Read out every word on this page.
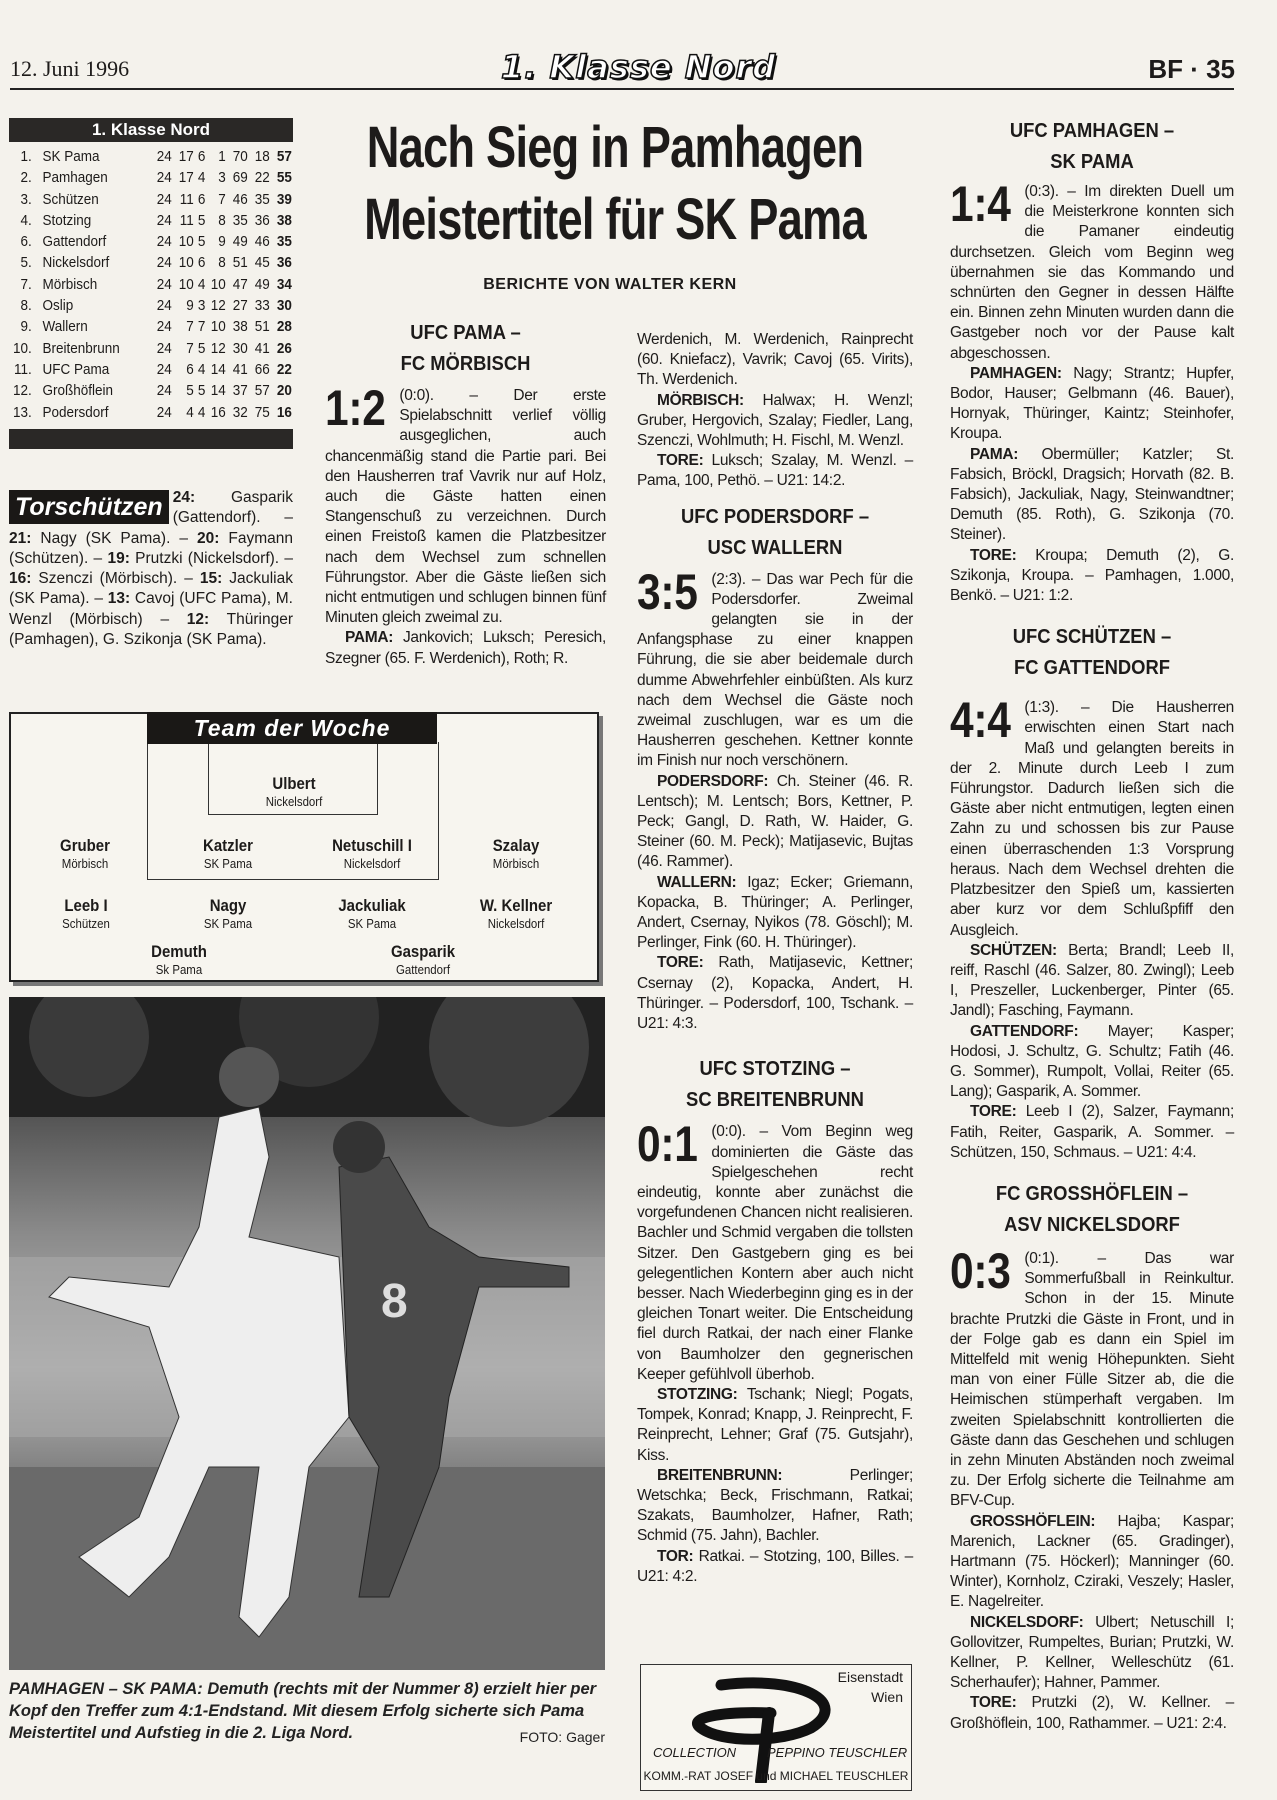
12. Juni 1996	1. Klasse Nord	BF · 35
1. Klasse Nord
1.	SK Pama	24	17	6	1	70	18	57
2.	Pamhagen	24	17	4	3	69	22	55
3.	Schützen	24	11	6	7	46	35	39
4.	Stotzing	24	11	5	8	35	36	38
6.	Gattendorf	24	10	5	9	49	46	35
5.	Nickelsdorf	24	10	6	8	51	45	36
7.	Mörbisch	24	10	4	10	47	49	34
8.	Oslip	24	9	3	12	27	33	30
9.	Wallern	24	7	7	10	38	51	28
10.	Breitenbrunn	24	7	5	12	30	41	26
11.	UFC Pama	24	6	4	14	41	66	22
12.	Großhöflein	24	5	5	14	37	57	20
13.	Podersdorf	24	4	4	16	32	75	16
Torschützen 24: Gasparik (Gattendorf). – 21: Nagy (SK Pama). – 20: Faymann (Schützen). – 19: Prutzki (Nickelsdorf). – 16: Szenczi (Mörbisch). – 15: Jackuliak (SK Pama). – 13: Cavoj (UFC Pama), M. Wenzl (Mörbisch) – 12: Thüringer (Pamhagen), G. Szikonja (SK Pama).
Team der Woche
Ulbert
Nickelsdorf
Gruber
Mörbisch
Katzler
SK Pama
Netuschill I
Nickelsdorf
Szalay
Mörbisch
Leeb I
Schützen
Nagy
SK Pama
Jackuliak
SK Pama
W. Kellner
Nickelsdorf
Demuth
Sk Pama
Gasparik
Gattendorf
8
PAMHAGEN – SK PAMA: Demuth (rechts mit der Nummer 8) erzielt hier per Kopf den Treffer zum 4:1-Endstand. Mit diesem Erfolg sicherte sich Pama Meistertitel und Aufstieg in die 2. Liga Nord.	FOTO: Gager
Nach Sieg in Pamhagen
Meistertitel für SK Pama
BERICHTE VON WALTER KERN
UFC PAMA –
FC MÖRBISCH

1:2 (0:0). – Der erste Spielabschnitt verlief völlig ausgeglichen, auch chancenmäßig stand die Partie pari. Bei den Hausherren traf Vavrik nur auf Holz, auch die Gäste hatten einen Stangenschuß zu verzeichnen. Durch einen Freistoß kamen die Platzbesitzer nach dem Wechsel zum schnellen Führungstor. Aber die Gäste ließen sich nicht entmutigen und schlugen binnen fünf Minuten gleich zweimal zu.

PAMA: Jankovich; Luksch; Peresich, Szegner (65. F. Werdenich), Roth; R.

Werdenich, M. Werdenich, Rainprecht (60. Kniefacz), Vavrik; Cavoj (65. Virits), Th. Werdenich.

MÖRBISCH: Halwax; H. Wenzl; Gruber, Hergovich, Szalay; Fiedler, Lang, Szenczi, Wohlmuth; H. Fischl, M. Wenzl.

TORE: Luksch; Szalay, M. Wenzl. – Pama, 100, Pethö. – U21: 14:2.

UFC PODERSDORF –
USC WALLERN

3:5 (2:3). – Das war Pech für die Podersdorfer. Zweimal gelangten sie in der Anfangsphase zu einer knappen Führung, die sie aber beidemale durch dumme Abwehrfehler einbüßten. Als kurz nach dem Wechsel die Gäste noch zweimal zuschlugen, war es um die Hausherren geschehen. Kettner konnte im Finish nur noch verschönern.

PODERSDORF: Ch. Steiner (46. R. Lentsch); M. Lentsch; Bors, Kettner, P. Peck; Gangl, D. Rath, W. Haider, G. Steiner (60. M. Peck); Matijasevic, Bujtas (46. Rammer).

WALLERN: Igaz; Ecker; Griemann, Kopacka, B. Thüringer; A. Perlinger, Andert, Csernay, Nyikos (78. Göschl); M. Perlinger, Fink (60. H. Thüringer).

TORE: Rath, Matijasevic, Kettner; Csernay (2), Kopacka, Andert, H. Thüringer. – Podersdorf, 100, Tschank. – U21: 4:3.

UFC STOTZING –
SC BREITENBRUNN

0:1 (0:0). – Vom Beginn weg dominierten die Gäste das Spielgeschehen recht eindeutig, konnte aber zunächst die vorgefundenen Chancen nicht realisieren. Bachler und Schmid vergaben die tollsten Sitzer. Den Gastgebern ging es bei gelegentlichen Kontern aber auch nicht besser. Nach Wiederbeginn ging es in der gleichen Tonart weiter. Die Entscheidung fiel durch Ratkai, der nach einer Flanke von Baumholzer den gegnerischen Keeper gefühlvoll überhob.

STOTZING: Tschank; Niegl; Pogats, Tompek, Konrad; Knapp, J. Reinprecht, F. Reinprecht, Lehner; Graf (75. Gutsjahr), Kiss.

BREITENBRUNN: Perlinger; Wetschka; Beck, Frischmann, Ratkai; Szakats, Baumholzer, Hafner, Rath; Schmid (75. Jahn), Bachler.

TOR: Ratkai. – Stotzing, 100, Billes. – U21: 4:2.

UFC PAMHAGEN –
SK PAMA

1:4 (0:3). – Im direkten Duell um die Meisterkrone konnten sich die Pamaner eindeutig durchsetzen. Gleich vom Beginn weg übernahmen sie das Kommando und schnürten den Gegner in dessen Hälfte ein. Binnen zehn Minuten wurden dann die Gastgeber noch vor der Pause kalt abgeschossen.

PAMHAGEN: Nagy; Strantz; Hupfer, Bodor, Hauser; Gelbmann (46. Bauer), Hornyak, Thüringer, Kaintz; Steinhofer, Kroupa.

PAMA: Obermüller; Katzler; St. Fabsich, Bröckl, Dragsich; Horvath (82. B. Fabsich), Jackuliak, Nagy, Steinwandtner; Demuth (85. Roth), G. Szikonja (70. Steiner).

TORE: Kroupa; Demuth (2), G. Szikonja, Kroupa. – Pamhagen, 1.000, Benkö. – U21: 1:2.

UFC SCHÜTZEN –
FC GATTENDORF

4:4 (1:3). – Die Hausherren erwischten einen Start nach Maß und gelangten bereits in der 2. Minute durch Leeb I zum Führungstor. Dadurch ließen sich die Gäste aber nicht entmutigen, legten einen Zahn zu und schossen bis zur Pause einen überraschenden 1:3 Vorsprung heraus. Nach dem Wechsel drehten die Platzbesitzer den Spieß um, kassierten aber kurz vor dem Schlußpfiff den Ausgleich.

SCHÜTZEN: Berta; Brandl; Leeb II, reiff, Raschl (46. Salzer, 80. Zwingl); Leeb I, Preszeller, Luckenberger, Pinter (65. Jandl); Fasching, Faymann.

GATTENDORF: Mayer; Kasper; Hodosi, J. Schultz, G. Schultz; Fatih (46. G. Sommer), Rumpolt, Vollai, Reiter (65. Lang); Gasparik, A. Sommer.

TORE: Leeb I (2), Salzer, Faymann; Fatih, Reiter, Gasparik, A. Sommer. – Schützen, 150, Schmaus. – U21: 4:4.

FC GROSSHÖFLEIN –
ASV NICKELSDORF

0:3 (0:1). – Das war Sommerfußball in Reinkultur. Schon in der 15. Minute brachte Prutzki die Gäste in Front, und in der Folge gab es dann ein Spiel im Mittelfeld mit wenig Höhepunkten. Sieht man von einer Fülle Sitzer ab, die die Heimischen stümperhaft vergaben. Im zweiten Spielabschnitt kontrollierten die Gäste dann das Geschehen und schlugen in zehn Minuten Abständen noch zweimal zu. Der Erfolg sicherte die Teilnahme am BFV-Cup.

GROSSHÖFLEIN: Hajba; Kaspar; Marenich, Lackner (65. Gradinger), Hartmann (75. Höckerl); Manninger (60. Winter), Kornholz, Cziraki, Veszely; Hasler, E. Nagelreiter.

NICKELSDORF: Ulbert; Netuschill I; Gollovitzer, Rumpeltes, Burian; Prutzki, W. Kellner, P. Kellner, Welleschütz (61. Scherhaufer); Hahner, Pammer.

TORE: Prutzki (2), W. Kellner. – Großhöflein, 100, Rathammer. – U21: 2:4.

Eisenstadt
Wien
COLLECTION PEPPINO TEUSCHLER
KOMM.-RAT JOSEF und MICHAEL TEUSCHLER
